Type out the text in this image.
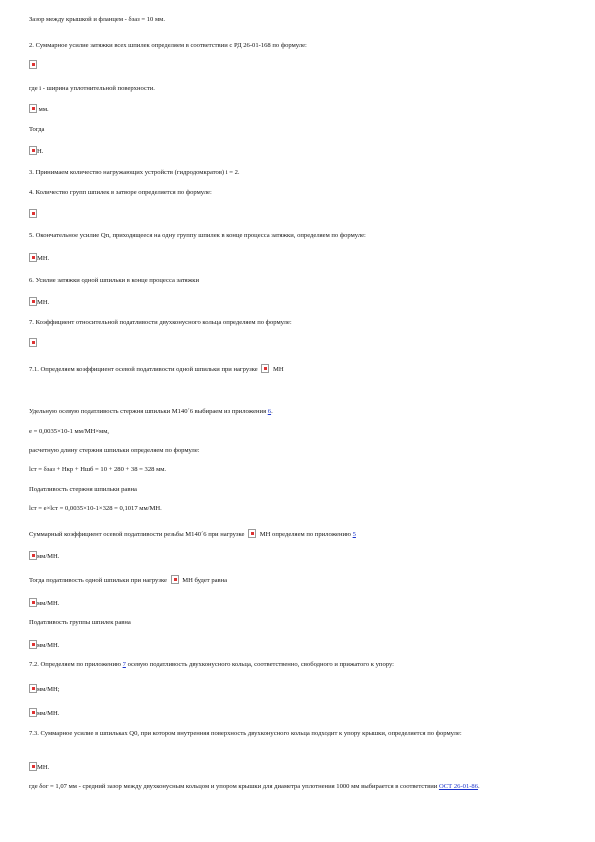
Зазор между крышкой и фланцем - δзаз = 10 мм.
2. Суммарное усилие затяжки всех шпилек определяем в соответствии с РД 26-01-168 по формуле:
где i - ширина уплотнительной поверхности.
мм.
Тогда
Н.
3. Принимаем количество нагружающих устройств (гидродомкратов) i = 2.
4. Количество групп шпилек в затворе определяется по формуле:
5. Окончательное усилие Qп, приходящееся на одну группу шпилек в конце процесса затяжки, определяем по формуле:
МН.
6. Усилие затяжки одной шпильки в конце процесса затяжки
МН.
7. Коэффициент относительной податливости двухконусного кольца определяем по формуле:
7.1. Определяем коэффициент осевой податливости одной шпильки при нагрузке МН
Удельную осевую податливость стержня шпильки М140´6 выбираем из приложения 6.
e = 0,0035×10-1 мм/МН×мм,
расчетную длину стержня шпильки определяем по формуле:
lст = δзаз + Hкр + Hшб = 10 + 280 + 38 = 328 мм.
Податливость стержня шпильки равна
lст = e×lст = 0,0035×10-1×328 = 0,1017 мм/МН.
Суммарный коэффициент осевой податливости резьбы М140´6 при нагрузке МН определяем по приложению 5
мм/МН.
Тогда податливость одной шпильки при нагрузке МН будет равна
мм/МН.
Податливость группы шпилек равна
мм/МН.
7.2. Определяем по приложению 7 осевую податливость двухконусного кольца, соответственно, свободного и прижатого к упору:
мм/МН;
мм/МН.
7.3. Суммарное усилие в шпильках Q0, при котором внутренняя поверхность двухконусного кольца подходит к упору крышки, определяется по формуле:
МН.
где δог = 1,07 мм - средний зазор между двухконусным кольцом и упором крышки для диаметра уплотнения 1000 мм выбирается в соответствии ОСТ 26-01-86.
